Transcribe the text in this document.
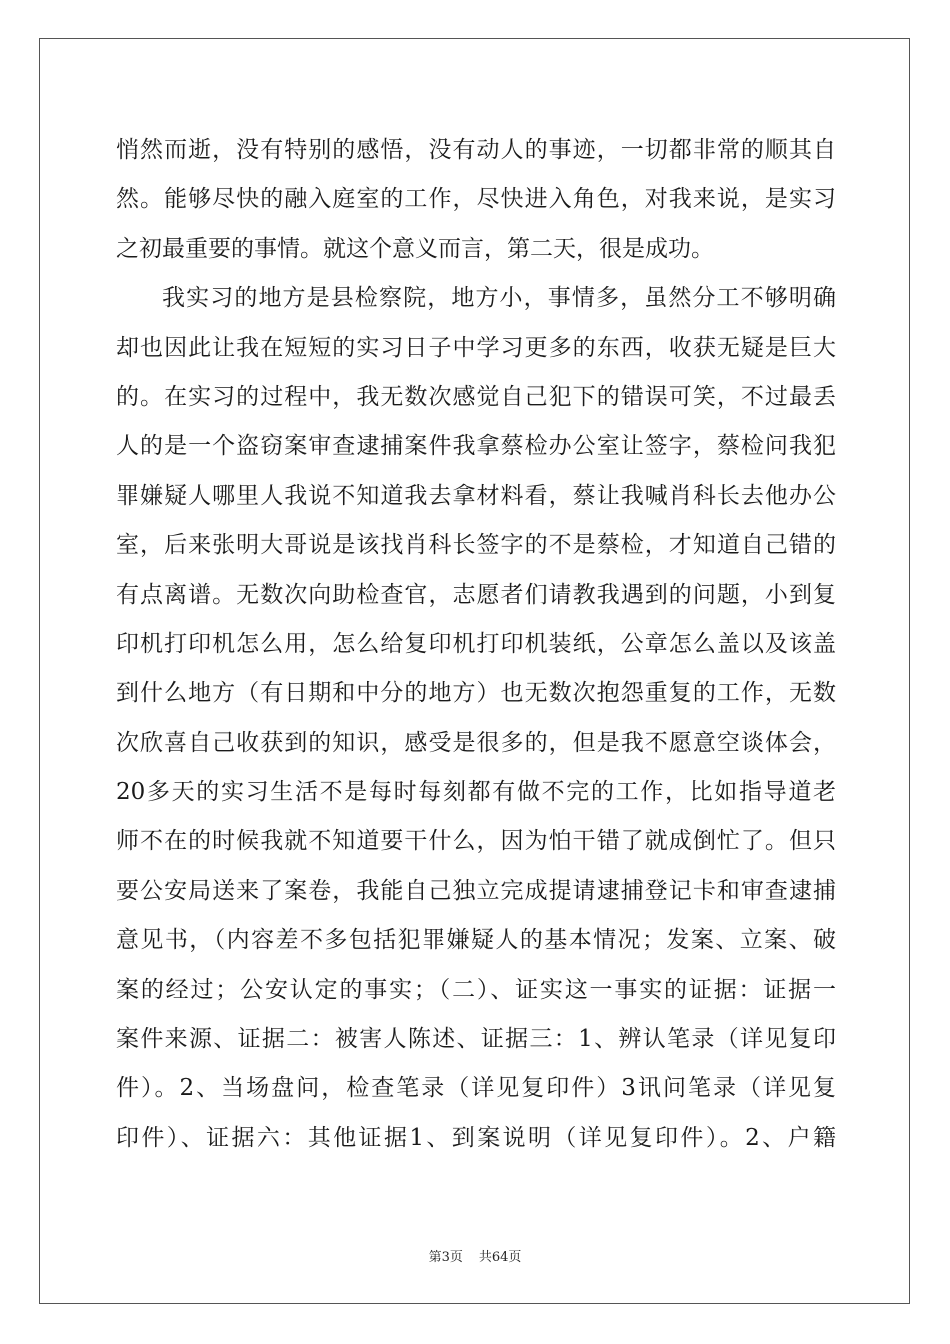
悄然而逝，没有特别的感悟，没有动人的事迹，一切都非常的顺其自
然。能够尽快的融入庭室的工作，尽快进入角色，对我来说，是实习
之初最重要的事情。就这个意义而言，第二天，很是成功。
我实习的地方是县检察院，地方小，事情多，虽然分工不够明确
却也因此让我在短短的实习日子中学习更多的东西，收获无疑是巨大
的。在实习的过程中，我无数次感觉自己犯下的错误可笑，不过最丢
人的是一个盗窃案审查逮捕案件我拿蔡检办公室让签字，蔡检问我犯
罪嫌疑人哪里人我说不知道我去拿材料看，蔡让我喊肖科长去他办公
室，后来张明大哥说是该找肖科长签字的不是蔡检，才知道自己错的
有点离谱。无数次向助检查官，志愿者们请教我遇到的问题，小到复
印机打印机怎么用，怎么给复印机打印机装纸，公章怎么盖以及该盖
到什么地方（有日期和中分的地方）也无数次抱怨重复的工作，无数
次欣喜自己收获到的知识，感受是很多的，但是我不愿意空谈体会，
20多天的实习生活不是每时每刻都有做不完的工作，比如指导道老
师不在的时候我就不知道要干什么，因为怕干错了就成倒忙了。但只
要公安局送来了案卷，我能自己独立完成提请逮捕登记卡和审查逮捕
意见书，（内容差不多包括犯罪嫌疑人的基本情况；发案、立案、破
案的经过；公安认定的事实；（二）、证实这一事实的证据：证据一
案件来源、证据二：被害人陈述、证据三：1、辨认笔录（详见复印
件）。2、当场盘问，检查笔录（详见复印件）3讯问笔录（详见复
印件）、证据六：其他证据1、到案说明（详见复印件）。2、户籍
第3页 共64页
